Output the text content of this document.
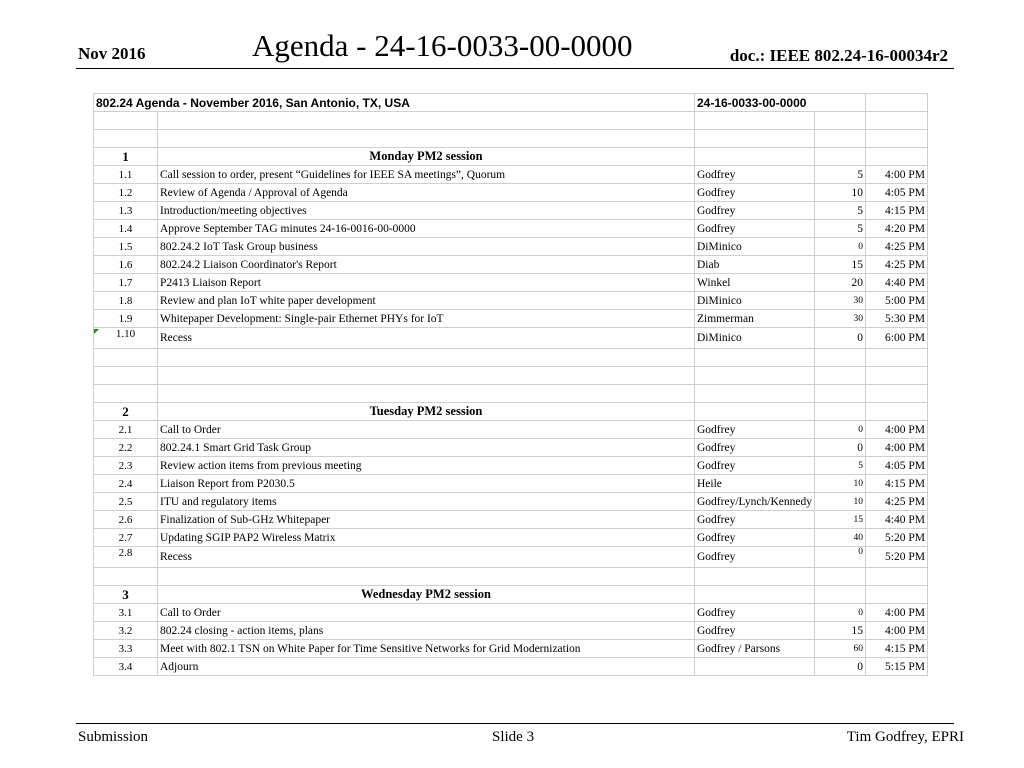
Nov 2016	Agenda - 24-16-0033-00-0000	doc.: IEEE 802.24-16-00034r2
802.24 Agenda - November 2016, San Antonio, TX, USA		24-16-0033-00-0000		

1	Monday PM2 session			
1.1	Call session to order, present “Guidelines for IEEE SA meetings”, Quorum	Godfrey	5	4:00 PM
1.2	Review of Agenda / Approval of Agenda	Godfrey	10	4:05 PM
1.3	Introduction/meeting objectives	Godfrey	5	4:15 PM
1.4	Approve September TAG minutes 24-16-0016-00-0000	Godfrey	5	4:20 PM
1.5	802.24.2 IoT Task Group business	DiMinico	0	4:25 PM
1.6	802.24.2 Liaison Coordinator's Report	Diab	15	4:25 PM
1.7	P2413 Liaison Report	Winkel	20	4:40 PM
1.8	Review and plan IoT white paper development	DiMinico	30	5:00 PM
1.9	Whitepaper Development: Single-pair Ethernet PHYs for IoT	Zimmerman	30	5:30 PM
1.10	Recess	DiMinico	0	6:00 PM

2	Tuesday PM2 session			
2.1	Call to Order	Godfrey	0	4:00 PM
2.2	802.24.1 Smart Grid Task Group	Godfrey	0	4:00 PM
2.3	Review action items from previous meeting	Godfrey	5	4:05 PM
2.4	Liaison Report from P2030.5	Heile	10	4:15 PM
2.5	ITU and regulatory items	Godfrey/Lynch/Kennedy	10	4:25 PM
2.6	Finalization of Sub-GHz Whitepaper	Godfrey	15	4:40 PM
2.7	Updating SGIP PAP2 Wireless Matrix	Godfrey	40	5:20 PM
2.8	Recess	Godfrey	0	5:20 PM

3	Wednesday PM2 session			
3.1	Call to Order	Godfrey	0	4:00 PM
3.2	802.24 closing - action items, plans	Godfrey	15	4:00 PM
3.3	Meet with 802.1 TSN on White Paper for Time Sensitive Networks for Grid Modernization	Godfrey / Parsons	60	4:15 PM
3.4	Adjourn		0	5:15 PM
Submission	Slide 3	Tim Godfrey, EPRI
